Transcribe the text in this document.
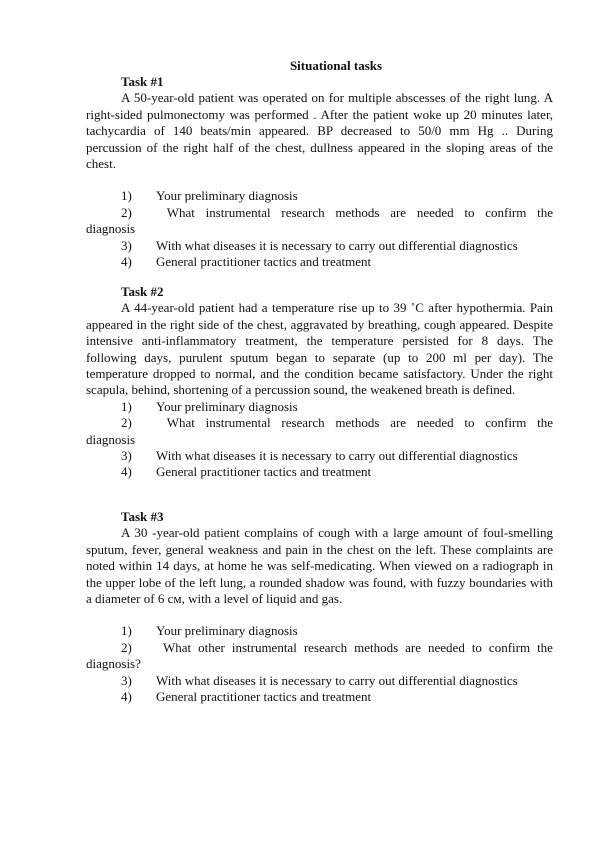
Situational tasks

Task #1

A 50-year-old patient was operated on for multiple abscesses of the right lung. A right-sided pulmonectomy was performed . After the patient woke up 20 minutes later, tachycardia of 140 beats/min appeared. BP decreased to 50/0 mm Hg .. During percussion of the right half of the chest, dullness appeared in the sloping areas of the chest.

1) Your preliminary diagnosis
2)	What instrumental research methods are needed to confirm the
diagnosis
3) With what diseases it is necessary to carry out differential diagnostics
4) General practitioner tactics and treatment

Task #2

A 44-year-old patient had a temperature rise up to 39 ˚C after hypothermia. Pain appeared in the right side of the chest, aggravated by breathing, cough appeared. Despite intensive anti-inflammatory treatment, the temperature persisted for 8 days. The following days, purulent sputum began to separate (up to 200 ml per day). The temperature dropped to normal, and the condition became satisfactory. Under the right scapula, behind, shortening of a percussion sound, the weakened breath is defined.

1) Your preliminary diagnosis
2)	What instrumental research methods are needed to confirm the
diagnosis
3) With what diseases it is necessary to carry out differential diagnostics
4) General practitioner tactics and treatment

Task #3

A 30 -year-old patient complains of cough with a large amount of foul-smelling sputum, fever, general weakness and pain in the chest on the left. These complaints are noted within 14 days, at home he was self-medicating. When viewed on a radiograph in the upper lobe of the left lung, a rounded shadow was found, with fuzzy boundaries with a diameter of 6 см, with a level of liquid and gas.

1) Your preliminary diagnosis
2)	What other instrumental research methods are needed to confirm the
diagnosis?
3) With what diseases it is necessary to carry out differential diagnostics
4) General practitioner tactics and treatment
